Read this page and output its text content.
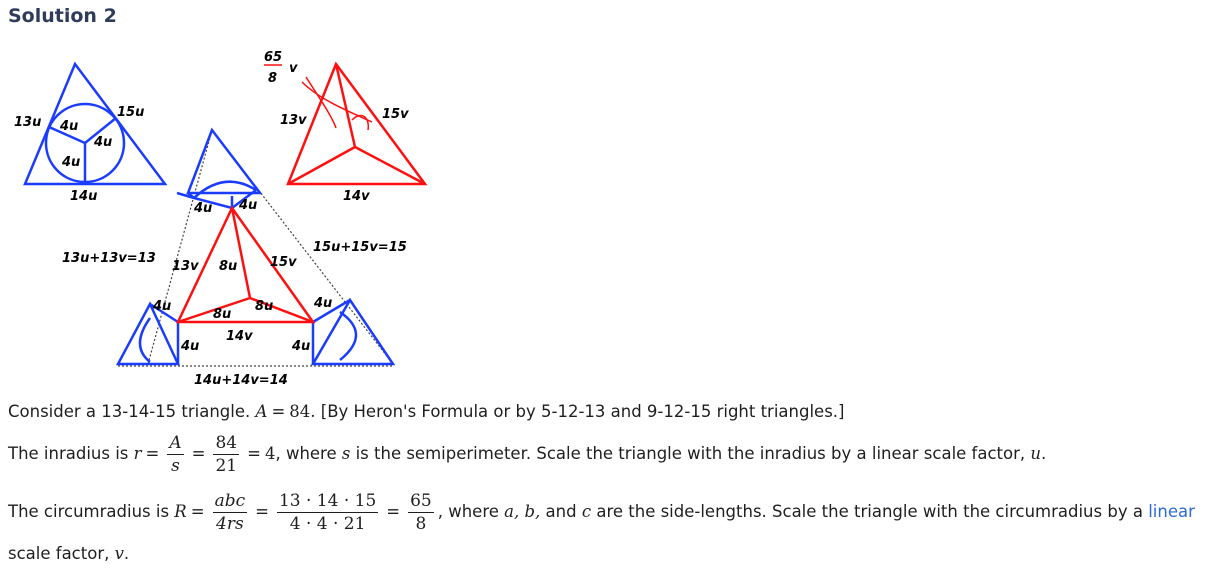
Solution 2
13u
15u
14u
4u
4u
4u
65
8
v
13v	15v
14v
13u+13v=13
15u+15v=15
14u+14v=14
4u 4u
4u
4u
4u
4u
13v	15v
14v
8u
8u
8u
Consider a 13-14-15 triangle. A = 84. [By Heron's Formula or by 5-12-13 and 9-12-15 right triangles.]
The inradius is $r = \frac{A}{s} = \frac{84}{21} = 4$, where s is the semiperimeter. Scale the triangle with the inradius by a linear scale factor, u.
The circumradius is $R = \frac{\text{abc}}{4rs} = \frac{13 \cdot 14 \cdot 15}{4 \cdot 4 \cdot 21} = \frac{65}{8}$ , where a, b, and c are the side-lengths. Scale the triangle with the circumradius by a linear
scale factor, v.
